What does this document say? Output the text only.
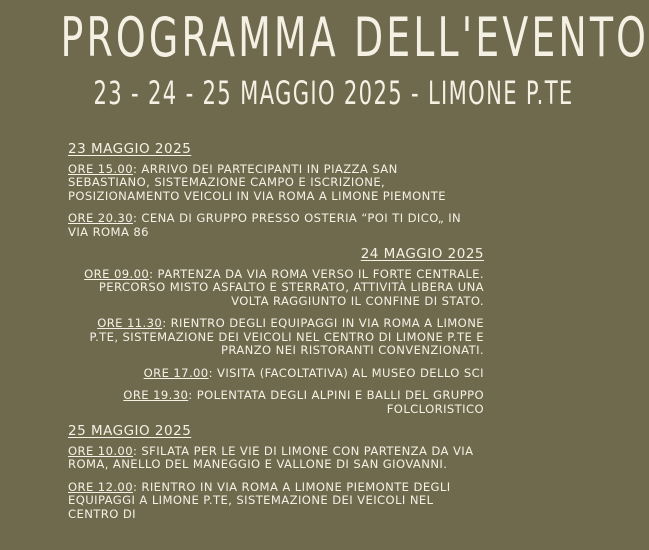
PROGRAMMA DELL'EVENTO
23 - 24 - 25 MAGGIO 2025 - LIMONE P.TE
23 MAGGIO 2025
ORE 15.00: ARRIVO DEI PARTECIPANTI IN PIAZZA SAN SEBASTIANO, SISTEMAZIONE CAMPO E ISCRIZIONE, POSIZIONAMENTO VEICOLI IN VIA ROMA A LIMONE PIEMONTE
ORE 20.30: CENA DI GRUPPO PRESSO OSTERIA “POI TI DICO„ IN VIA ROMA 86
24 MAGGIO 2025
ORE 09.00: PARTENZA DA VIA ROMA VERSO IL FORTE CENTRALE. PERCORSO MISTO ASFALTO E STERRATO, ATTIVITÀ LIBERA UNA VOLTA RAGGIUNTO IL CONFINE DI STATO.
ORE 11.30: RIENTRO DEGLI EQUIPAGGI IN VIA ROMA A LIMONE P.TE, SISTEMAZIONE DEI VEICOLI NEL CENTRO DI LIMONE P.TE E PRANZO NEI RISTORANTI CONVENZIONATI.
ORE 17.00: VISITA (FACOLTATIVA) AL MUSEO DELLO SCI
ORE 19.30: POLENTATA DEGLI ALPINI E BALLI DEL GRUPPO FOLCLORISTICO
25 MAGGIO 2025
ORE 10.00: SFILATA PER LE VIE DI LIMONE CON PARTENZA DA VIA ROMA, ANELLO DEL MANEGGIO E VALLONE DI SAN GIOVANNI.
ORE 12.00: RIENTRO IN VIA ROMA A LIMONE PIEMONTE DEGLI EQUIPAGGI A LIMONE P.TE, SISTEMAZIONE DEI VEICOLI NEL CENTRO DI
